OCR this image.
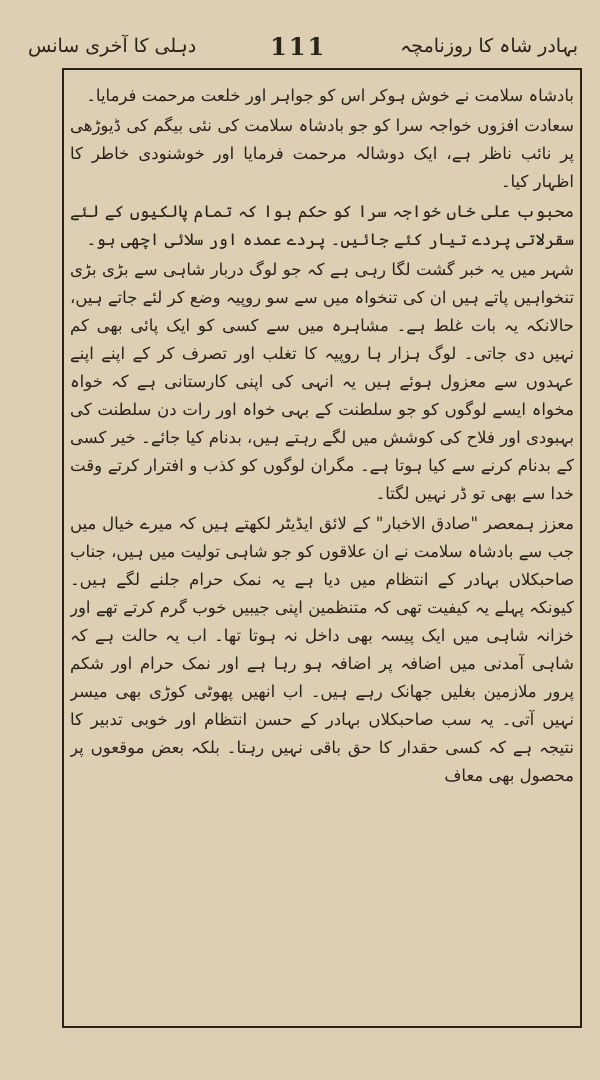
دہلی کا آخری سانس	111	بہادر شاہ کا روزنامچہ

بادشاہ سلامت نے خوش ہوکر اس کو جواہر اور خلعت مرحمت فرمایا۔

سعادت افزوں خواجہ سرا کو جو بادشاہ سلامت کی نئی بیگم کی ڈیوڑھی پر نائب ناظر ہے، ایک دوشالہ مرحمت فرمایا اور خوشنودی خاطر کا اظہار کیا۔

محبوب علی خاں خواجہ سرا کو حکم ہوا کہ تمام پالکیوں کے لئے سقرلاتی پردے تیار کئے جائیں۔ پردے عمدہ اور سلائی اچھی ہو۔

شہر میں یہ خبر گشت لگا رہی ہے کہ جو لوگ دربار شاہی سے بڑی بڑی تنخواہیں پاتے ہیں ان کی تنخواہ میں سے سو روپیہ وضع کر لئے جاتے ہیں، حالانکہ یہ بات غلط ہے۔ مشاہرہ میں سے کسی کو ایک پائی بھی کم نہیں دی جاتی۔ لوگ ہزار ہا روپیہ کا تغلب اور تصرف کر کے اپنے اپنے عہدوں سے معزول ہوئے ہیں یہ انہی کی اپنی کارستانی ہے کہ خواہ مخواہ ایسے لوگوں کو جو سلطنت کے بہی خواہ اور رات دن سلطنت کی بہبودی اور فلاح کی کوشش میں لگے رہتے ہیں، بدنام کیا جائے۔ خیر کسی کے بدنام کرنے سے کیا ہوتا ہے۔ مگران لوگوں کو کذب و افترار کرتے وقت خدا سے بھی تو ڈر نہیں لگتا۔

معزز ہمعصر "صادق الاخبار" کے لائق ایڈیٹر لکھتے ہیں کہ میرے خیال میں جب سے بادشاہ سلامت نے ان علاقوں کو جو شاہی تولیت میں ہیں، جناب صاحبکلاں بہادر کے انتظام میں دیا ہے یہ نمک حرام جلنے لگے ہیں۔ کیونکہ پہلے یہ کیفیت تھی کہ متنظمین اپنی جیبیں خوب گرم کرتے تھے اور خزانہ شاہی میں ایک پیسہ بھی داخل نہ ہوتا تھا۔ اب یہ حالت ہے کہ شاہی آمدنی میں اضافہ پر اضافہ ہو رہا ہے اور نمک حرام اور شکم پرور ملازمین بغلیں جھانک رہے ہیں۔ اب انھیں پھوٹی کوڑی بھی میسر نہیں آتی۔ یہ سب صاحبکلاں بہادر کے حسن انتظام اور خوبی تدبیر کا نتیجہ ہے کہ کسی حقدار کا حق باقی نہیں رہتا۔ بلکہ بعض موقعوں پر محصول بھی معاف
